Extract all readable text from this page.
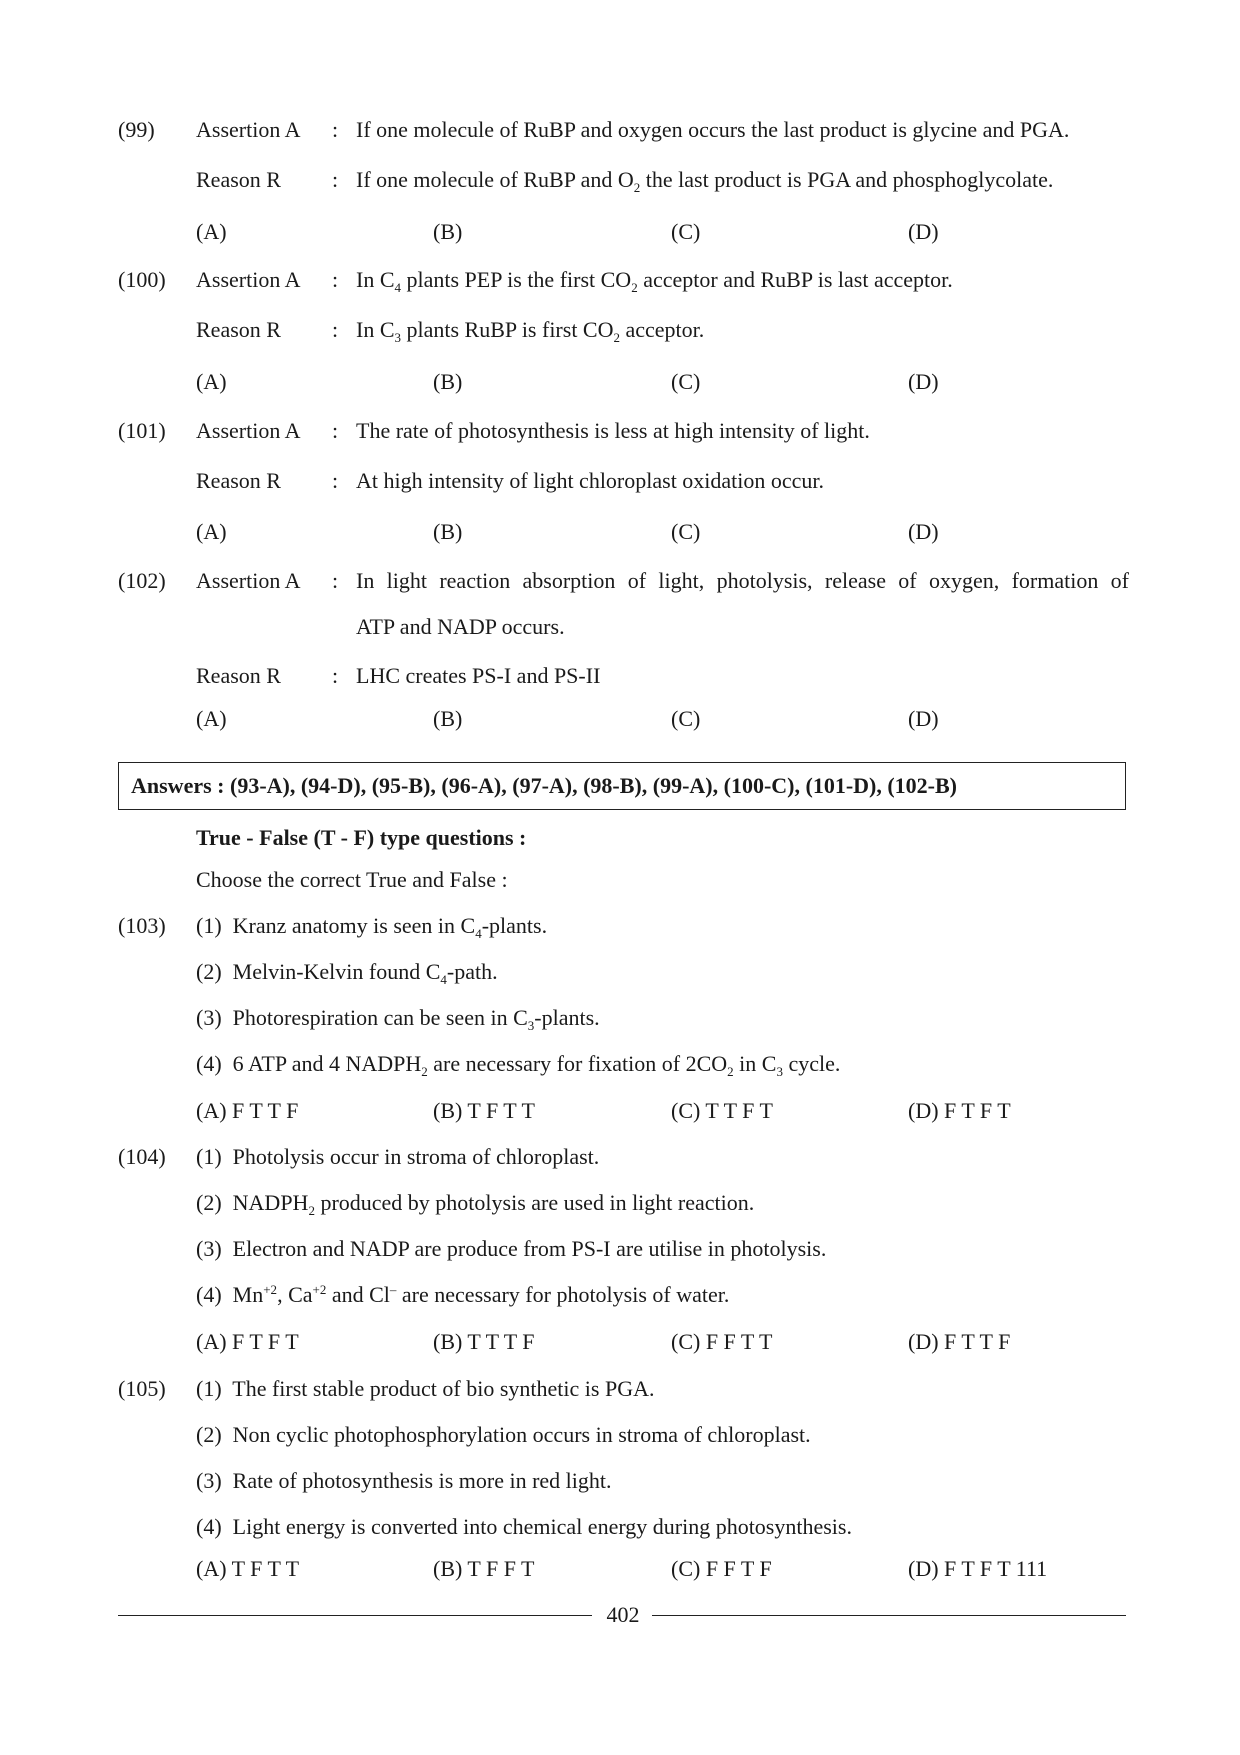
(99) Assertion A : If one molecule of RuBP and oxygen occurs the last product is glycine and PGA.
Reason R : If one molecule of RuBP and $O_2$ the last product is PGA and phosphoglycolate.
(A)	(B)	(C)	(D)
(100) Assertion A : In $C_4$ plants PEP is the first $CO_2$ acceptor and RuBP is last acceptor.
Reason R : In $C_3$ plants RuBP is first $CO_2$ acceptor.
(A)	(B)	(C)	(D)
(101) Assertion A : The rate of photosynthesis is less at high intensity of light.
Reason R : At high intensity of light chloroplast oxidation occur.
(A)	(B)	(C)	(D)
(102) Assertion A : In light reaction absorption of light, photolysis, release of oxygen, formation of
ATP and NADP occurs.
Reason R : LHC creates PS-I and PS-II
(A)	(B)	(C)	(D)
Answers : (93-A), (94-D), (95-B), (96-A), (97-A), (98-B), (99-A), (100-C), (101-D), (102-B)
True - False (T - F) type questions :
Choose the correct True and False :
(103) (1)  Kranz anatomy is seen in $C_4$-plants.
(2)  Melvin-Kelvin found $C_4$-path.
(3)  Photorespiration can be seen in $C_3$-plants.
(4)  6 ATP and 4 $NADPH_2$ are necessary for fixation of $2CO_2$ in $C_3$ cycle.
(A) F T T F	(B) T F T T	(C) T T F T	(D) F T F T
(104) (1)  Photolysis occur in stroma of chloroplast.
(2)  $NADPH_2$ produced by photolysis are used in light reaction.
(3)  Electron and NADP are produce from PS-I are utilise in photolysis.
(4)  $Mn^{+2}$, $Ca^{+2}$ and Cl– are necessary for photolysis of water.
(A) F T F T	(B) T T T F	(C) F F T T	(D) F T T F
(105) (1)  The first stable product of bio synthetic is PGA.
(2)  Non cyclic photophosphorylation occurs in stroma of chloroplast.
(3)  Rate of photosynthesis is more in red light.
(4)  Light energy is converted into chemical energy during photosynthesis.
(A) T F T T	(B) T F F T	(C) F F T F	(D) F T F T 111
402
